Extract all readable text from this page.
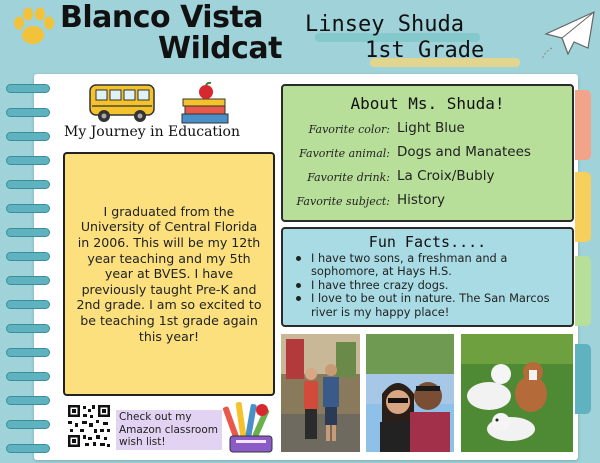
Blanco Vista
Wildcat
Linsey Shuda
1st Grade
My Journey in Education
I graduated from the University of Central Florida in 2006. This will be my 12th year teaching and my 5th year at BVES. I have previously taught Pre-K and 2nd grade. I am so excited to be teaching 1st grade again this year!
About Ms. Shuda!
Favorite color: Light Blue
Favorite animal: Dogs and Manatees
Favorite drink: La Croix/Bubly
Favorite subject: History
Fun Facts....
I have two sons, a freshman and a sophomore, at Hays H.S.
I have three crazy dogs.
I love to be out in nature. The San Marcos river is my happy place!
Check out my Amazon classroom wish list!
